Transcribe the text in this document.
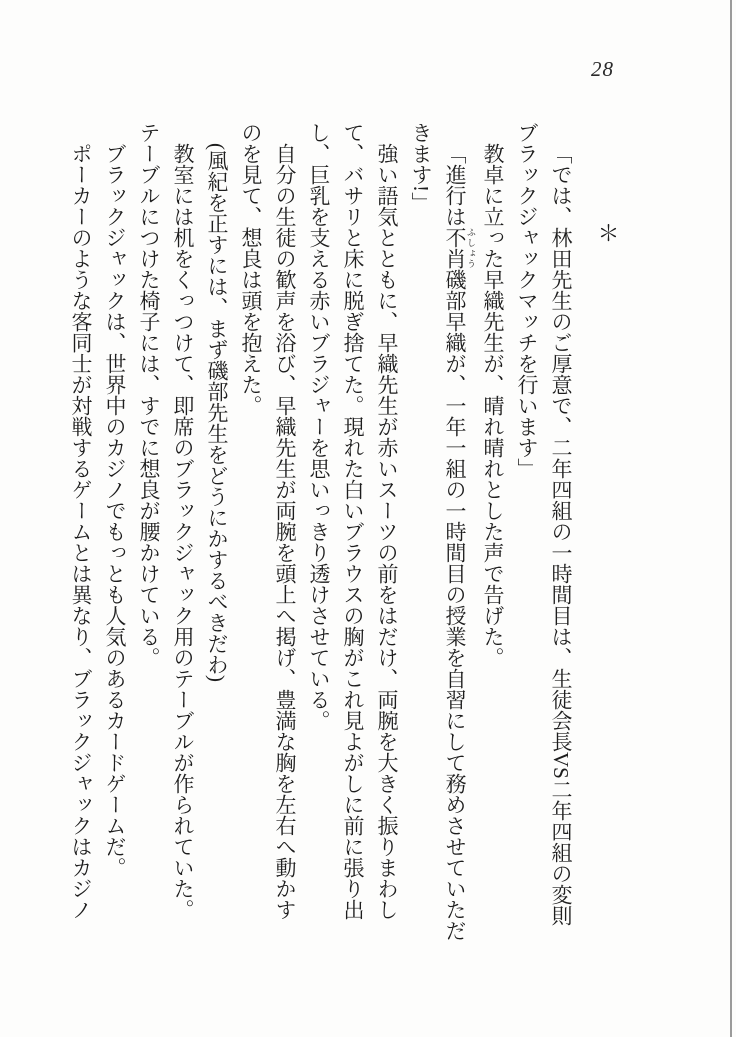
28
＊
「では、林田先生のご厚意で、二年四組の一時間目は、生徒会長VS二年四組の変則
ブラックジャックマッチを行います」
教卓に立った早織先生が、晴れ晴れとした声で告げた。
「進行は不肖 ふしょう磯部早織が、一年一組の一時間目の授業を自習にして務めさせていただ
きます!」
強い語気とともに、早織先生が赤いスーツの前をはだけ、両腕を大きく振りまわし
て、バサリと床に脱ぎ捨てた。現れた白いブラウスの胸がこれ見よがしに前に張り出
し、巨乳を支える赤いブラジャーを思いっきり透けさせている。
自分の生徒の歓声を浴び、早織先生が両腕を頭上へ掲げ、豊満な胸を左右へ動かす
のを見て、想良は頭を抱えた。
(風紀を正すには、まず磯部先生をどうにかするべきだわ)
教室には机をくっつけて、即席のブラックジャック用のテーブルが作られていた。
テーブルにつけた椅子には、すでに想良が腰かけている。
ブラックジャックは、世界中のカジノでもっとも人気のあるカードゲームだ。
ポーカーのような客同士が対戦するゲームとは異なり、ブラックジャックはカジノ
